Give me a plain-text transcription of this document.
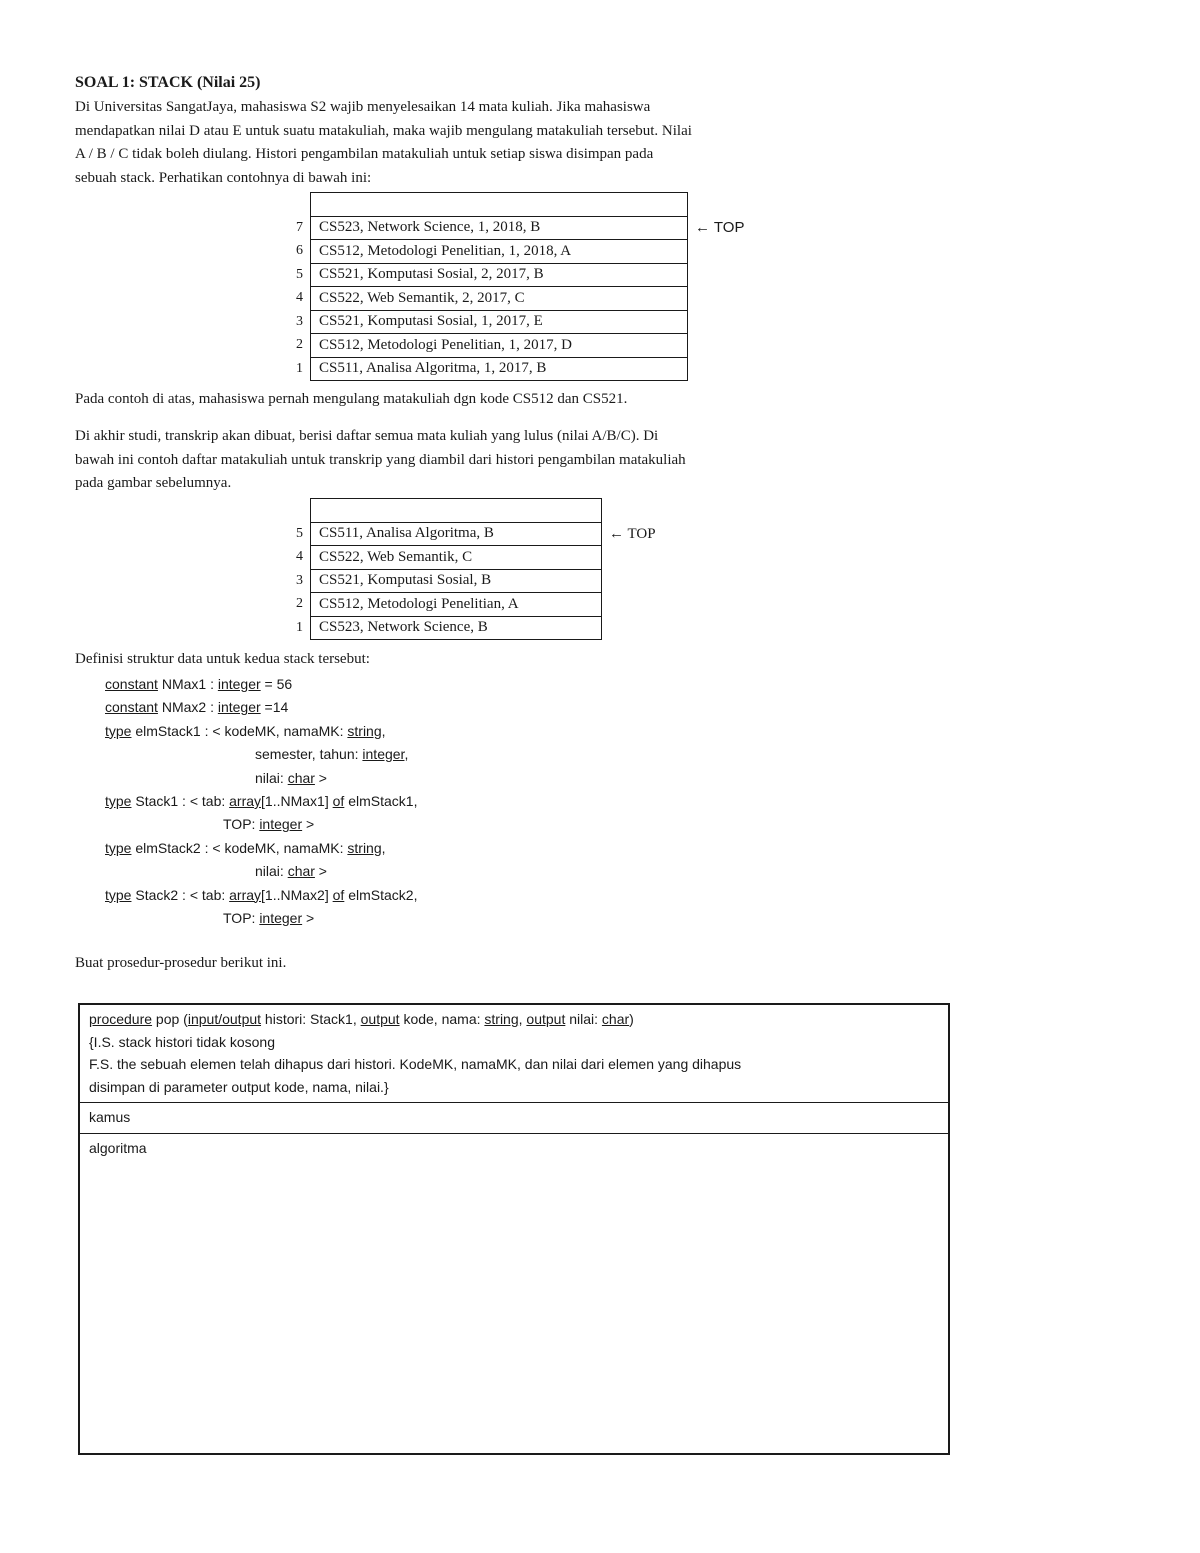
SOAL 1: STACK (Nilai 25)

Di Universitas SangatJaya, mahasiswa S2 wajib menyelesaikan 14 mata kuliah. Jika mahasiswa
mendapatkan nilai D atau E untuk suatu matakuliah, maka wajib mengulang matakuliah tersebut. Nilai
A / B / C tidak boleh diulang. Histori pengambilan matakuliah untuk setiap siswa disimpan pada
sebuah stack. Perhatikan contohnya di bawah ini:

7	CS523, Network Science, 1, 2018, B
6	CS512, Metodologi Penelitian, 1, 2018, A
5	CS521, Komputasi Sosial, 2, 2017, B
4	CS522, Web Semantik, 2, 2017, C
3	CS521, Komputasi Sosial, 1, 2017, E
2	CS512, Metodologi Penelitian, 1, 2017, D
1	CS511, Analisa Algoritma, 1, 2017, B
← TOP

Pada contoh di atas, mahasiswa pernah mengulang matakuliah dgn kode CS512 dan CS521.

Di akhir studi, transkrip akan dibuat, berisi daftar semua mata kuliah yang lulus (nilai A/B/C). Di
bawah ini contoh daftar matakuliah untuk transkrip yang diambil dari histori pengambilan matakuliah
pada gambar sebelumnya.

5	CS511, Analisa Algoritma, B
4	CS522, Web Semantik, C
3	CS521, Komputasi Sosial, B
2	CS512, Metodologi Penelitian, A
1	CS523, Network Science, B
← TOP
Definisi struktur data untuk kedua stack tersebut:
constant NMax1 : integer = 56
constant NMax2 : integer =14
type elmStack1 : < kodeMK, namaMK: string,
semester, tahun: integer,
nilai: char >
type Stack1 : < tab: array[1..NMax1] of elmStack1,
TOP: integer >
type elmStack2 : < kodeMK, namaMK: string,
nilai: char >
type Stack2 : < tab: array[1..NMax2] of elmStack2,
TOP: integer >
Buat prosedur-prosedur berikut ini.
procedure pop (input/output histori: Stack1, output kode, nama: string, output nilai: char)
{I.S. stack histori tidak kosong
F.S. the sebuah elemen telah dihapus dari histori. KodeMK, namaMK, dan nilai dari elemen yang dihapus
disimpan di parameter output kode, nama, nilai.}
kamus
algoritma
